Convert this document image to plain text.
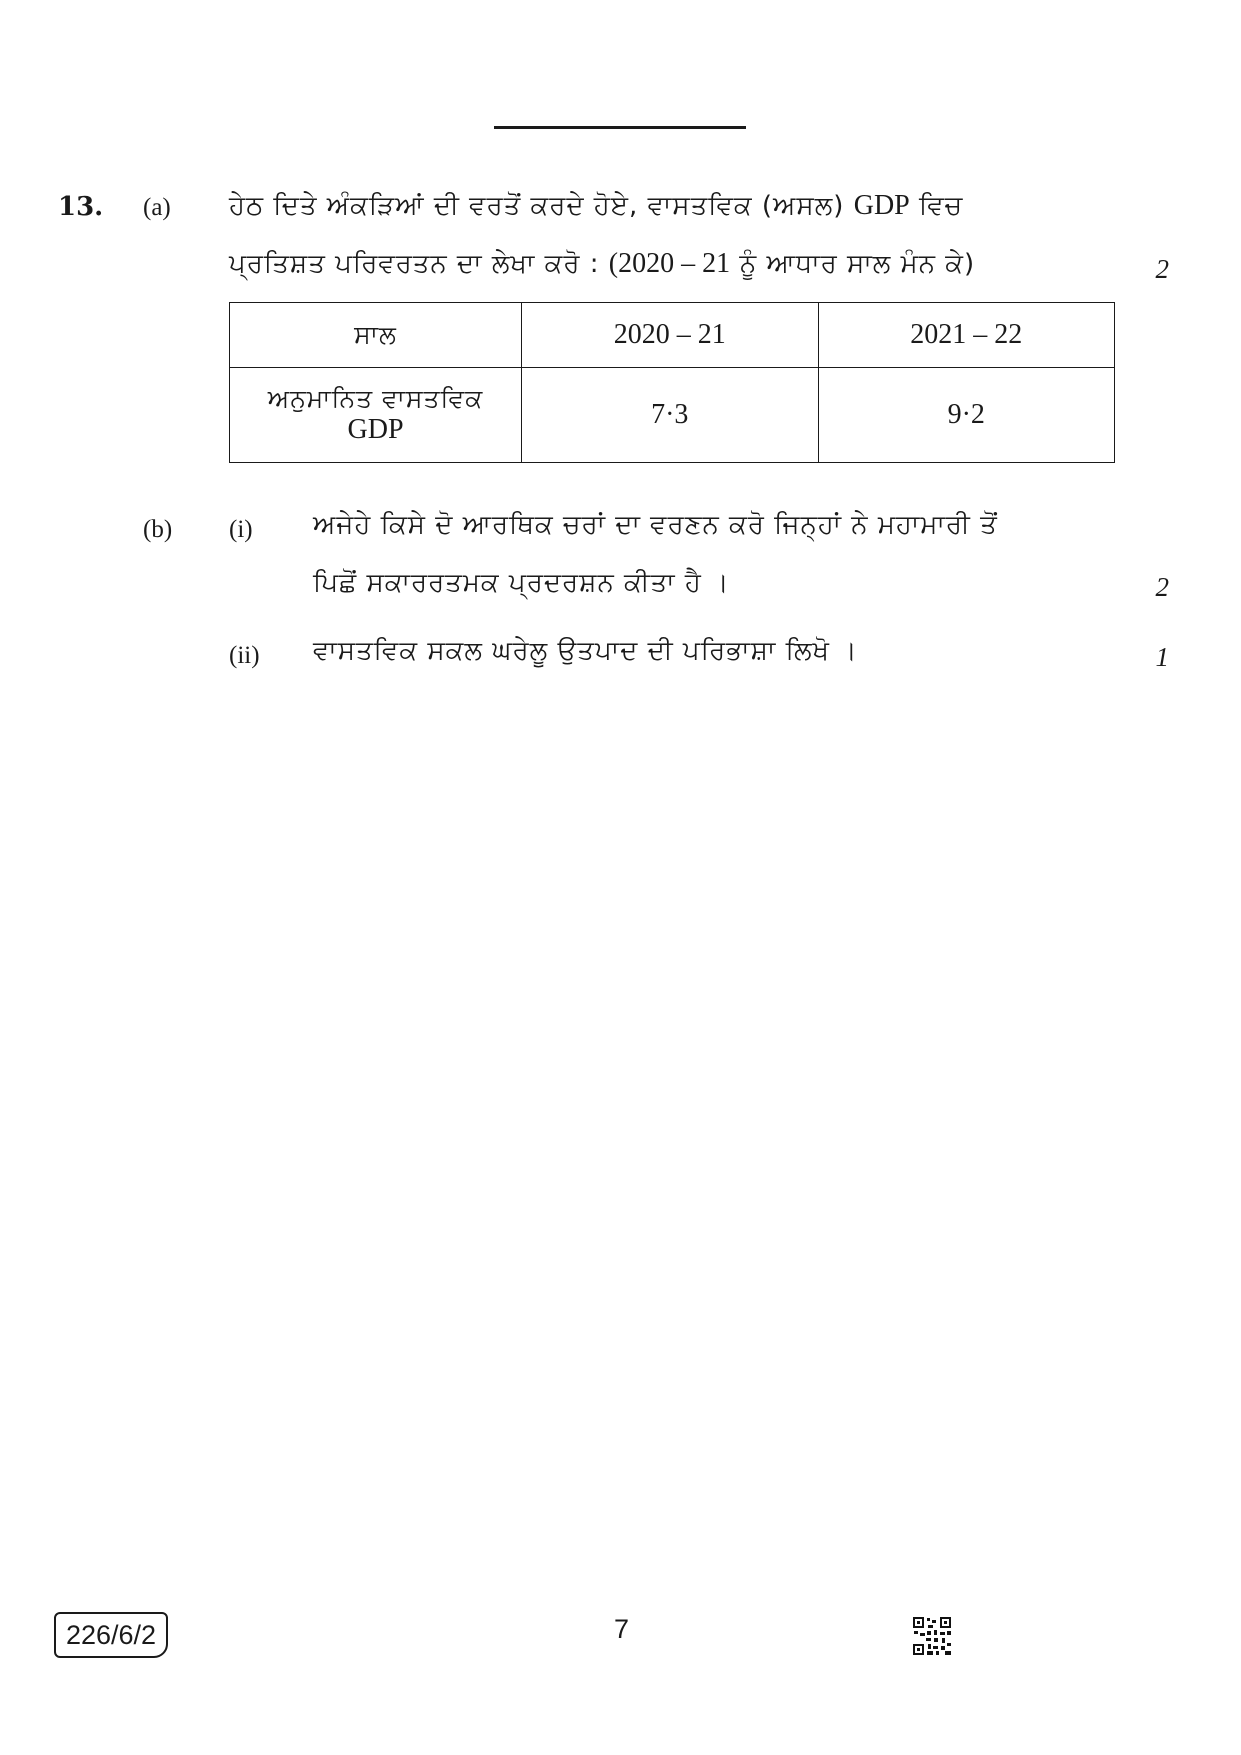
13. (a) ਹੇਠ ਦਿਤੇ ਅੰਕੜਿਆਂ ਦੀ ਵਰਤੋਂ ਕਰਦੇ ਹੋਏ, ਵਾਸਤਵਿਕ (ਅਸਲ) GDP ਵਿਚ
ਪ੍ਰਤਿਸ਼ਤ ਪਰਿਵਰਤਨ ਦਾ ਲੇਖਾ ਕਰੋ : (2020 – 21 ਨੂੰ ਆਧਾਰ ਸਾਲ ਮੰਨ ਕੇ)	2
ਸਾਲ	2020 – 21	2021 – 22

ਅਨੁਮਾਨਿਤ ਵਾਸਤਵਿਕ
GDP	7·3	9·2
(b) (i) ਅਜੇਹੇ ਕਿਸੇ ਦੋ ਆਰਥਿਕ ਚਰਾਂ ਦਾ ਵਰਣਨ ਕਰੋ ਜਿਨ੍ਹਾਂ ਨੇ ਮਹਾਮਾਰੀ ਤੋਂ
ਪਿਛੋਂ ਸਕਾਰਰਤਮਕ ਪ੍ਰਦਰਸ਼ਨ ਕੀਤਾ ਹੈ ।	2
(ii) ਵਾਸਤਵਿਕ ਸਕਲ ਘਰੇਲੂ ਉਤਪਾਦ ਦੀ ਪਰਿਭਾਸ਼ਾ ਲਿਖੋ ।	1
226/6/2	7
